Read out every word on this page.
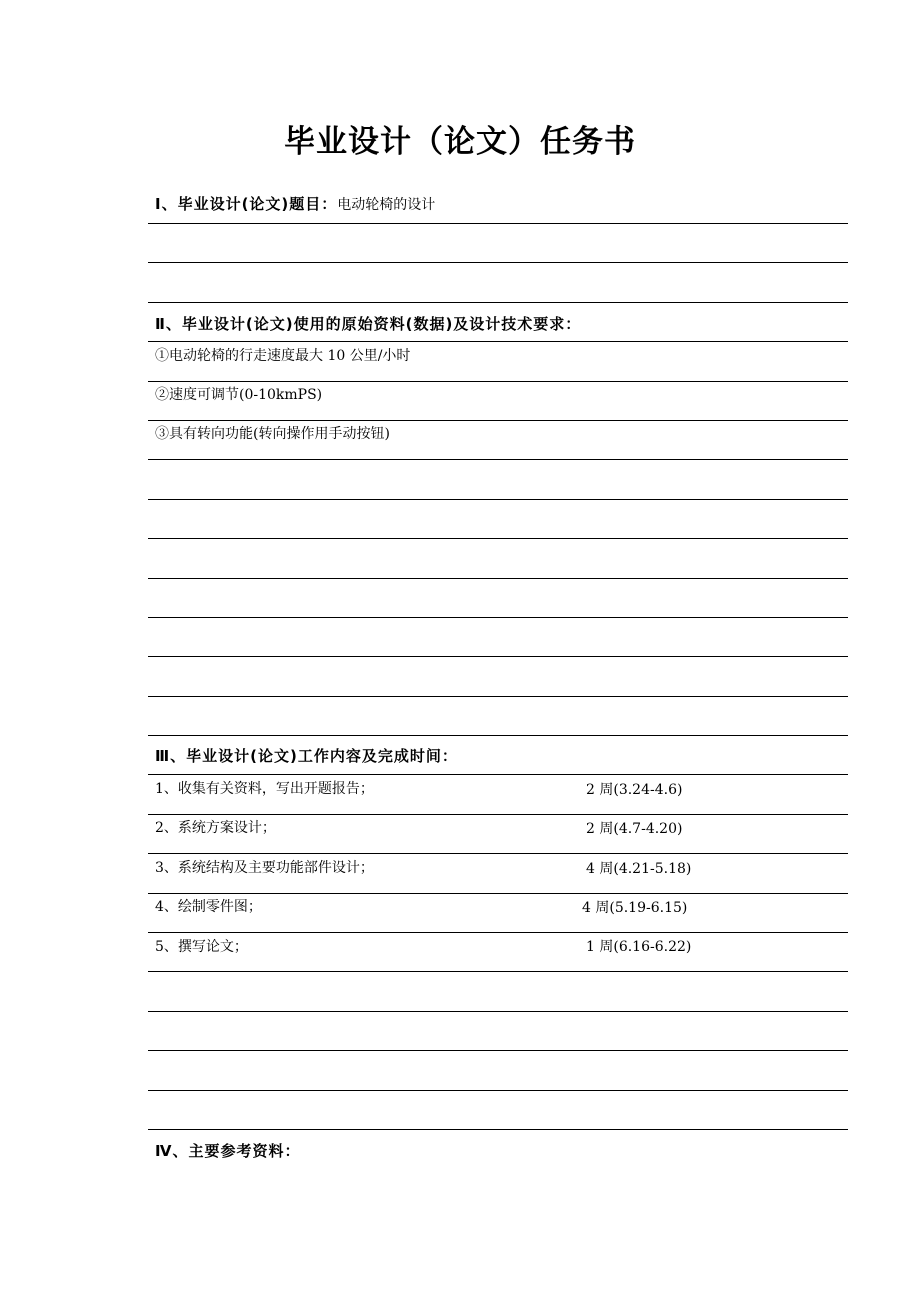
毕业设计（论文）任务书
Ⅰ、毕业设计(论文)题目：电动轮椅的设计
Ⅱ、毕业设计(论文)使用的原始资料(数据)及设计技术要求：
①电动轮椅的行走速度最大 10 公里/小时
②速度可调节(0-10kmPS)
③具有转向功能(转向操作用手动按钮)
Ⅲ、毕业设计(论文)工作内容及完成时间：
1、收集有关资料，写出开题报告；	2 周(3.24-4.6)
2、系统方案设计；	2 周(4.7-4.20)
3、系统结构及主要功能部件设计；	4 周(4.21-5.18)
4、绘制零件图；	4 周(5.19-6.15)
5、撰写论文；	1 周(6.16-6.22)
Ⅳ、主要参考资料：
